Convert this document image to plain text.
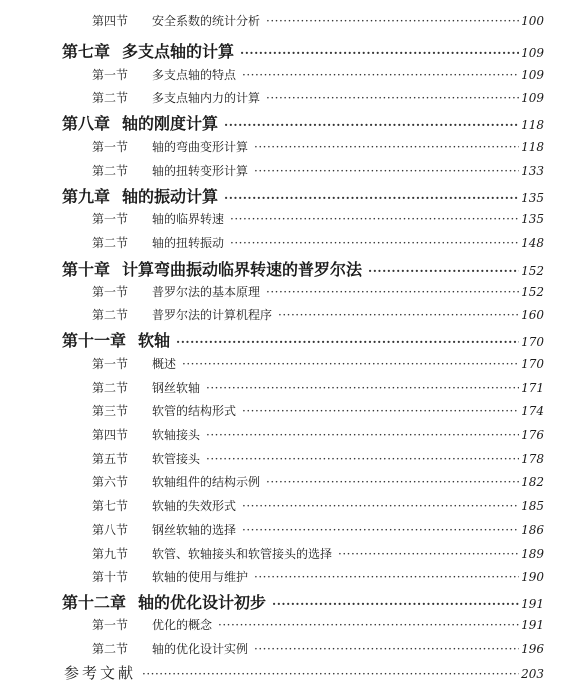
第四节	安全系数的统计分析 ·····	100
第七章 多支点轴的计算 ·····	109
第一节	多支点轴的特点 ·····	109
第二节	多支点轴内力的计算 ·····	109
第八章 轴的刚度计算 ·····	118
第一节	轴的弯曲变形计算 ·····	118
第二节	轴的扭转变形计算 ·····	133
第九章 轴的振动计算 ·····	135
第一节	轴的临界转速 ·····	135
第二节	轴的扭转振动 ·····	148
第十章 计算弯曲振动临界转速的普罗尔法 ·····	152
第一节	普罗尔法的基本原理 ·····	152
第二节	普罗尔法的计算机程序 ·····	160
第十一章 软轴 ·····	170
第一节	概述 ·····	170
第二节	钢丝软轴 ·····	171
第三节	软管的结构形式 ·····	174
第四节	软轴接头 ·····	176
第五节	软管接头 ·····	178
第六节	软轴组件的结构示例 ·····	182
第七节	软轴的失效形式 ·····	185
第八节	钢丝软轴的选择 ·····	186
第九节	软管、软轴接头和软管接头的选择 ·····	189
第十节	软轴的使用与维护 ·····	190
第十二章 轴的优化设计初步 ·····	191
第一节	优化的概念 ·····	191
第二节	轴的优化设计实例 ·····	196
参考文献 ·····	203
